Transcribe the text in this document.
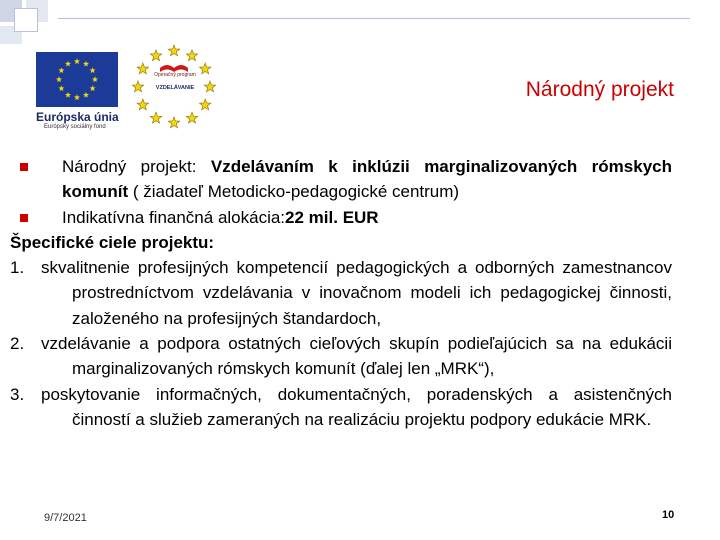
Európska únia
Európsky sociálny fond
Operačný program
VZDELÁVANIE	Národný projekt
Národný projekt: Vzdelávaním k inklúzii marginalizovaných rómskych komunít ( žiadateľ Metodicko-pedagogické centrum)
Indikatívna finančná alokácia:22 mil. EUR
Špecifické ciele projektu:
1. skvalitnenie profesijných kompetencií pedagogických a odborných zamestnancov prostredníctvom vzdelávania v inovačnom modeli ich pedagogickej činnosti, založeného na profesijných štandardoch,
2. vzdelávanie a podpora ostatných cieľových skupín podieľajúcich sa na edukácii marginalizovaných rómskych komunít (ďalej len „MRK“),
3. poskytovanie informačných, dokumentačných, poradenských a asistenčných činností a služieb zameraných na realizáciu projektu podpory edukácie MRK.
9/7/2021	10
